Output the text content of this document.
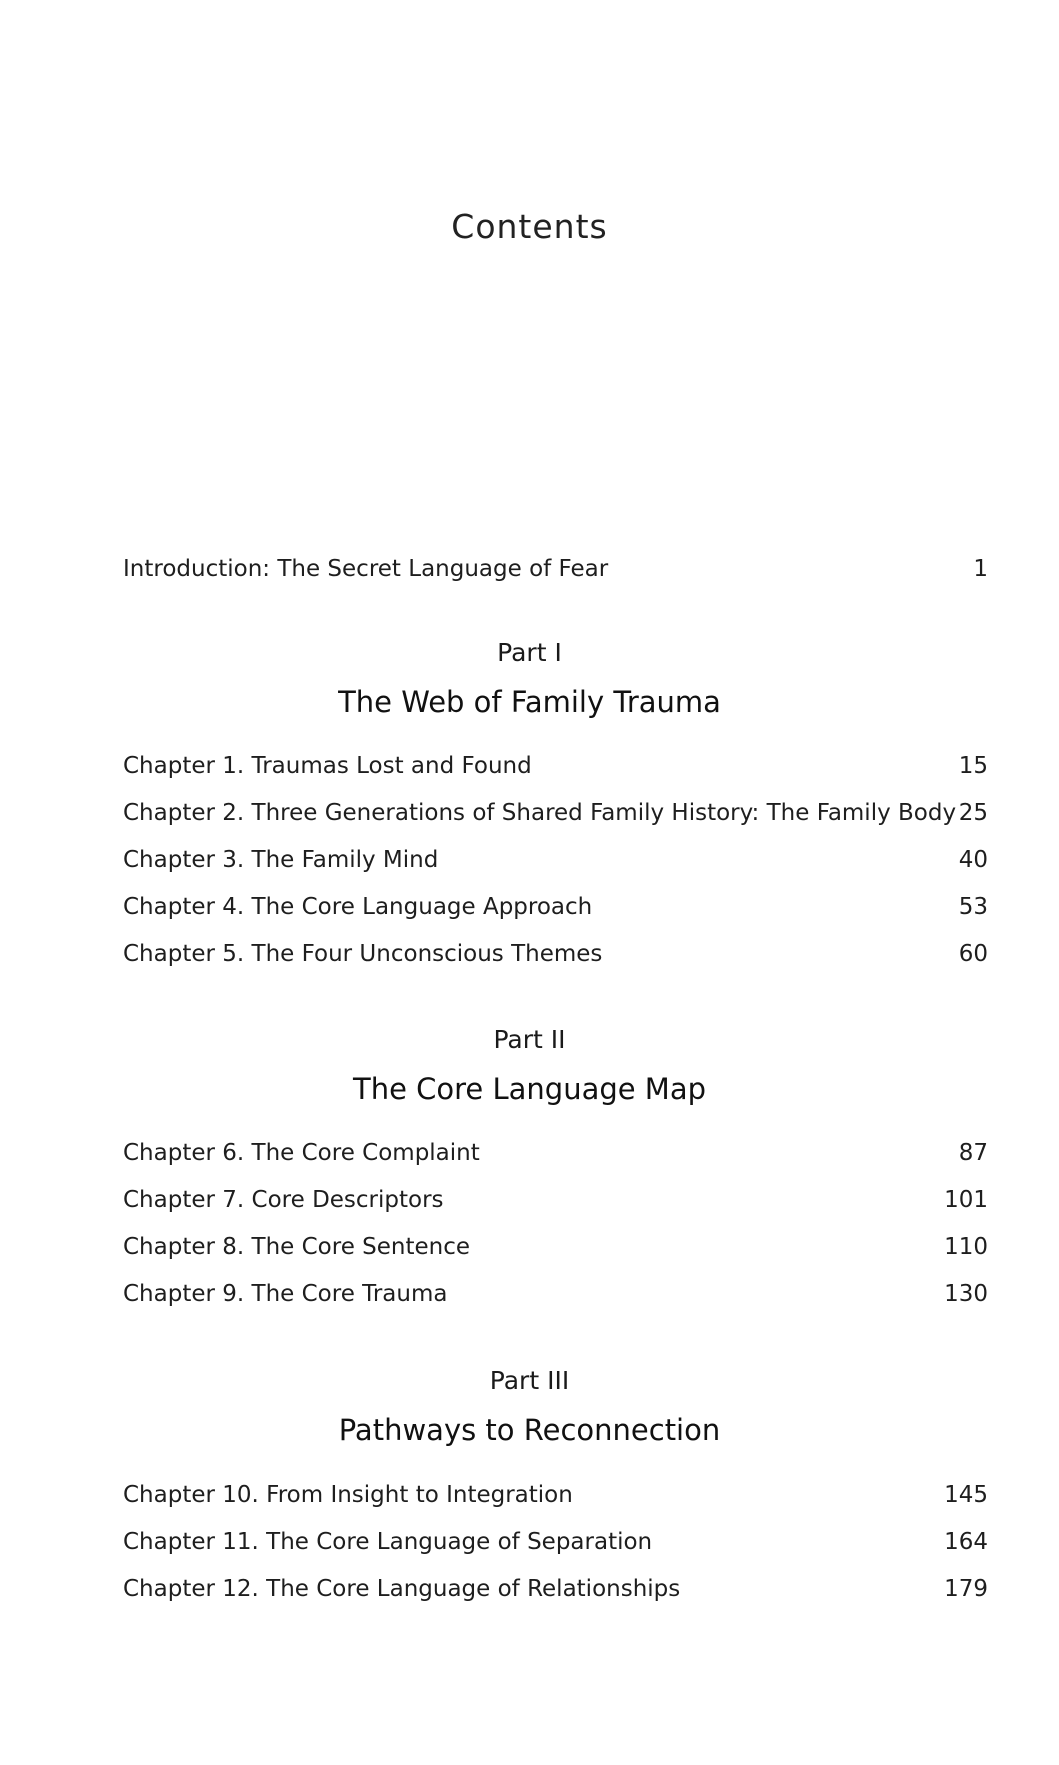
Contents
Introduction: The Secret Language of Fear	1
Part I
The Web of Family Trauma
Chapter 1. Traumas Lost and Found	15
Chapter 2. Three Generations of Shared Family History: The Family Body 25
Chapter 3. The Family Mind	40
Chapter 4. The Core Language Approach	53
Chapter 5. The Four Unconscious Themes	60
Part II
The Core Language Map
Chapter 6. The Core Complaint	87
Chapter 7. Core Descriptors	101
Chapter 8. The Core Sentence	110
Chapter 9. The Core Trauma	130
Part III
Pathways to Reconnection
Chapter 10. From Insight to Integration	145
Chapter 11. The Core Language of Separation	164
Chapter 12. The Core Language of Relationships	179
